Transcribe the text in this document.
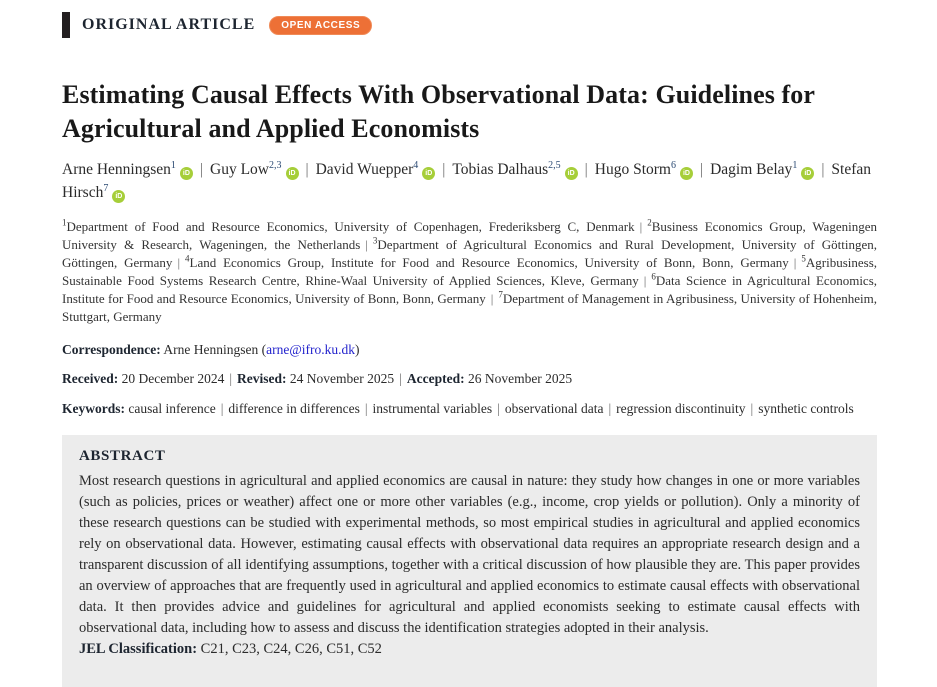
ORIGINAL ARTICLE	OPEN ACCESS
Estimating Causal Effects With Observational Data: Guidelines for Agricultural and Applied Economists
Arne Henningsen$^1$iD | Guy Low$^{2,3}$iD | David Wuepper$^4$iD | Tobias Dalhaus$^{2,5}$iD | Hugo Storm$^6$iD | Dagim Belay$^1$iD | Stefan Hirsch$^7$iD
$^1$Department of Food and Resource Economics, University of Copenhagen, Frederiksberg C, Denmark | $^2$Business Economics Group, Wageningen University & Research, Wageningen, the Netherlands | $^3$Department of Agricultural Economics and Rural Development, University of Göttingen, Göttingen, Germany | $^4$Land Economics Group, Institute for Food and Resource Economics, University of Bonn, Bonn, Germany | $^5$Agribusiness, Sustainable Food Systems Research Centre, Rhine-Waal University of Applied Sciences, Kleve, Germany | $^6$Data Science in Agricultural Economics, Institute for Food and Resource Economics, University of Bonn, Bonn, Germany | $^7$Department of Management in Agribusiness, University of Hohenheim, Stuttgart, Germany
Correspondence: Arne Henningsen (arne@ifro.ku.dk)
Received: 20 December 2024 | Revised: 24 November 2025 | Accepted: 26 November 2025
Keywords: causal inference | difference in differences | instrumental variables | observational data | regression discontinuity | synthetic controls
ABSTRACT

Most research questions in agricultural and applied economics are causal in nature: they study how changes in one or more variables (such as policies, prices or weather) affect one or more other variables (e.g., income, crop yields or pollution). Only a minority of these research questions can be studied with experimental methods, so most empirical studies in agricultural and applied economics rely on observational data. However, estimating causal effects with observational data requires an appropriate research design and a transparent discussion of all identifying assumptions, together with a critical discussion of how plausible they are. This paper provides an overview of approaches that are frequently used in agricultural and applied economics to estimate causal effects with observational data. It then provides advice and guidelines for agricultural and applied economists seeking to estimate causal effects with observational data, including how to assess and discuss the identification strategies adopted in their analysis.

JEL Classification: C21, C23, C24, C26, C51, C52
